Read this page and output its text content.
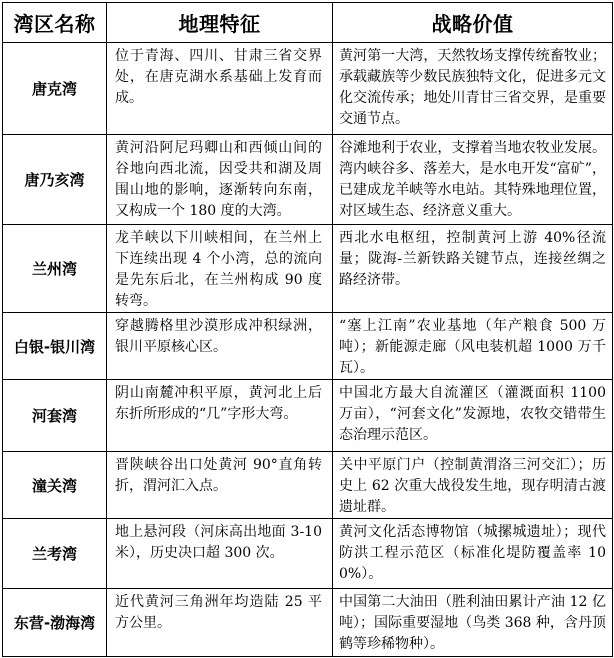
湾区名称	地理特征	战略价值
唐克湾	位于青海、四川、甘肃三省交界处，在唐克湖水系基础上发育而成。	黄河第一大湾，天然牧场支撑传统畜牧业；承载藏族等少数民族独特文化，促进多元文化交流传承；地处川青甘三省交界，是重要交通节点。
唐乃亥湾	黄河沿阿尼玛卿山和西倾山间的谷地向西北流，因受共和湖及周围山地的影响，逐渐转向东南，又构成一个 180 度的大湾。	谷滩地利于农业，支撑着当地农牧业发展。湾内峡谷多、落差大，是水电开发“富矿”，已建成龙羊峡等水电站。其特殊地理位置，对区域生态、经济意义重大。
兰州湾	龙羊峡以下川峡相间，在兰州上下连续出现 4 个小湾，总的流向是先东后北，在兰州构成 90 度转弯。	西北水电枢纽，控制黄河上游 40%径流量；陇海-兰新铁路关键节点，连接丝绸之路经济带。
白银-银川湾	穿越腾格里沙漠形成冲积绿洲，银川平原核心区。	“塞上江南”农业基地（年产粮食 500 万吨）；新能源走廊（风电装机超 1000 万千瓦）。
河套湾	阴山南麓冲积平原，黄河北上后东折所形成的“几”字形大弯。	中国北方最大自流灌区（灌溉面积 1100 万亩），“河套文化”发源地，农牧交错带生态治理示范区。
潼关湾	晋陕峡谷出口处黄河 90°直角转折，渭河汇入点。	关中平原门户（控制黄渭洛三河交汇）；历史上 62 次重大战役发生地，现存明清古渡遗址群。
兰考湾	地上悬河段（河床高出地面 3-10 米），历史决口超 300 次。	黄河文化活态博物馆（城摞城遗址）；现代防洪工程示范区（标准化堤防覆盖率 100%）。
东营-渤海湾	近代黄河三角洲年均造陆 25 平方公里。	中国第二大油田（胜利油田累计产油 12 亿吨）；国际重要湿地（鸟类 368 种，含丹顶鹤等珍稀物种）。
